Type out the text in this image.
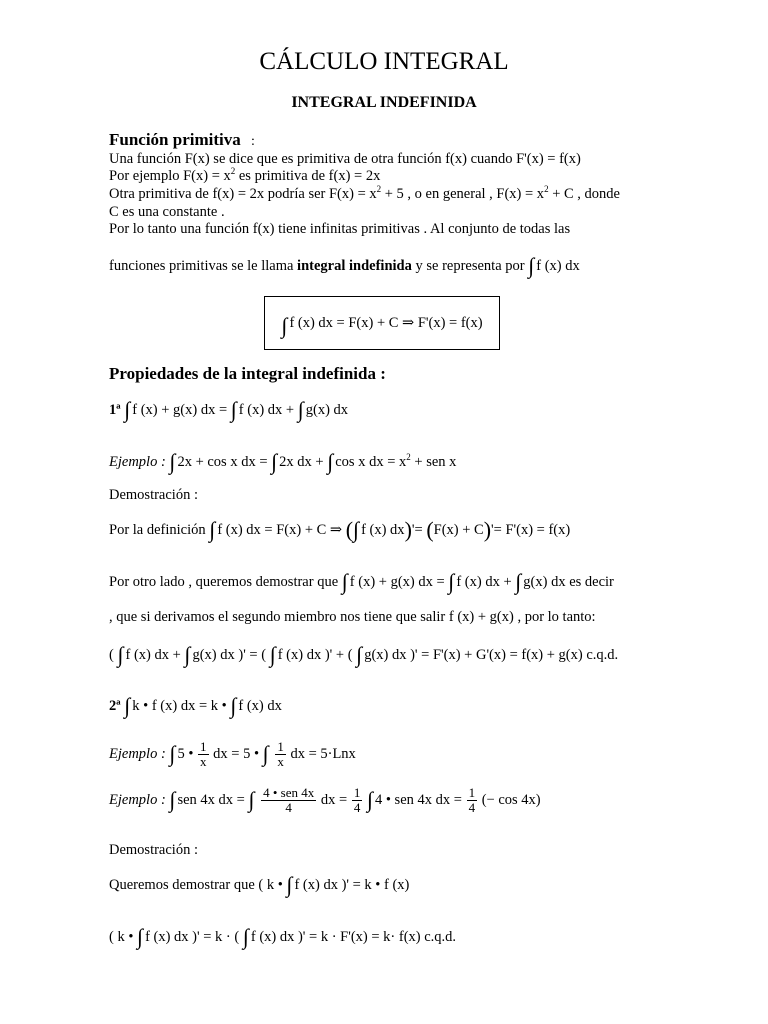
CÁLCULO INTEGRAL
INTEGRAL INDEFINIDA
Función primitiva :
Una función F(x) se dice que es primitiva de otra función f(x) cuando F'(x) = f(x)
Por ejemplo $F(x) = x^2$ es primitiva de f(x) = 2x
Otra primitiva de f(x) = 2x podría ser $F(x) = x^2 + 5$ , o en general , $F(x) = x^2 + C$ , donde
C es una constante .
Por lo tanto una función f(x) tiene infinitas primitivas . Al conjunto de todas las
funciones primitivas se le llama integral indefinida y se representa por ∫ f (x) dx
∫ f (x) dx = F(x) + C ⇒ F'(x) = f(x)
Propiedades de la integral indefinida :
1ª ∫ f (x) + g(x) dx = ∫ f (x) dx + ∫ g(x) dx
Ejemplo : ∫ 2x + cos x dx = ∫ 2x dx + ∫ cos x dx = $x^2$ + sen x
Demostración :
Por la definición ∫ f (x) dx = F(x) + C ⇒ (∫ f (x) dx)'= (F(x) + C)'= F'(x) = f(x)
Por otro lado , queremos demostrar que ∫ f (x) + g(x) dx = ∫ f (x) dx + ∫ g(x) dx es decir
, que si derivamos el segundo miembro nos tiene que salir f (x) + g(x) , por lo tanto:
( ∫ f (x) dx + ∫ g(x) dx )' = ( ∫ f (x) dx )' + ( ∫ g(x) dx )' = F'(x) + G'(x) = f(x) + g(x) c.q.d.
2ª ∫ k • f (x) dx = k • ∫ f (x) dx
Ejemplo : ∫ 5 • $\frac{1}{x}$ dx = 5 • ∫ $\frac{1}{x}$ dx = 5·Lnx
Ejemplo : ∫ sen 4x dx = ∫ $\frac{\text{4 • sen 4x}}{4}$ dx = $\frac{1}{4}$ ∫ 4 • sen 4x dx = $\frac{1}{4}$ (− cos 4x)
Demostración :
Queremos demostrar que ( k • ∫ f (x) dx )' = k • f (x)
( k • ∫ f (x) dx )' = k · ( ∫ f (x) dx )' = k · F'(x) = k· f(x) c.q.d.
